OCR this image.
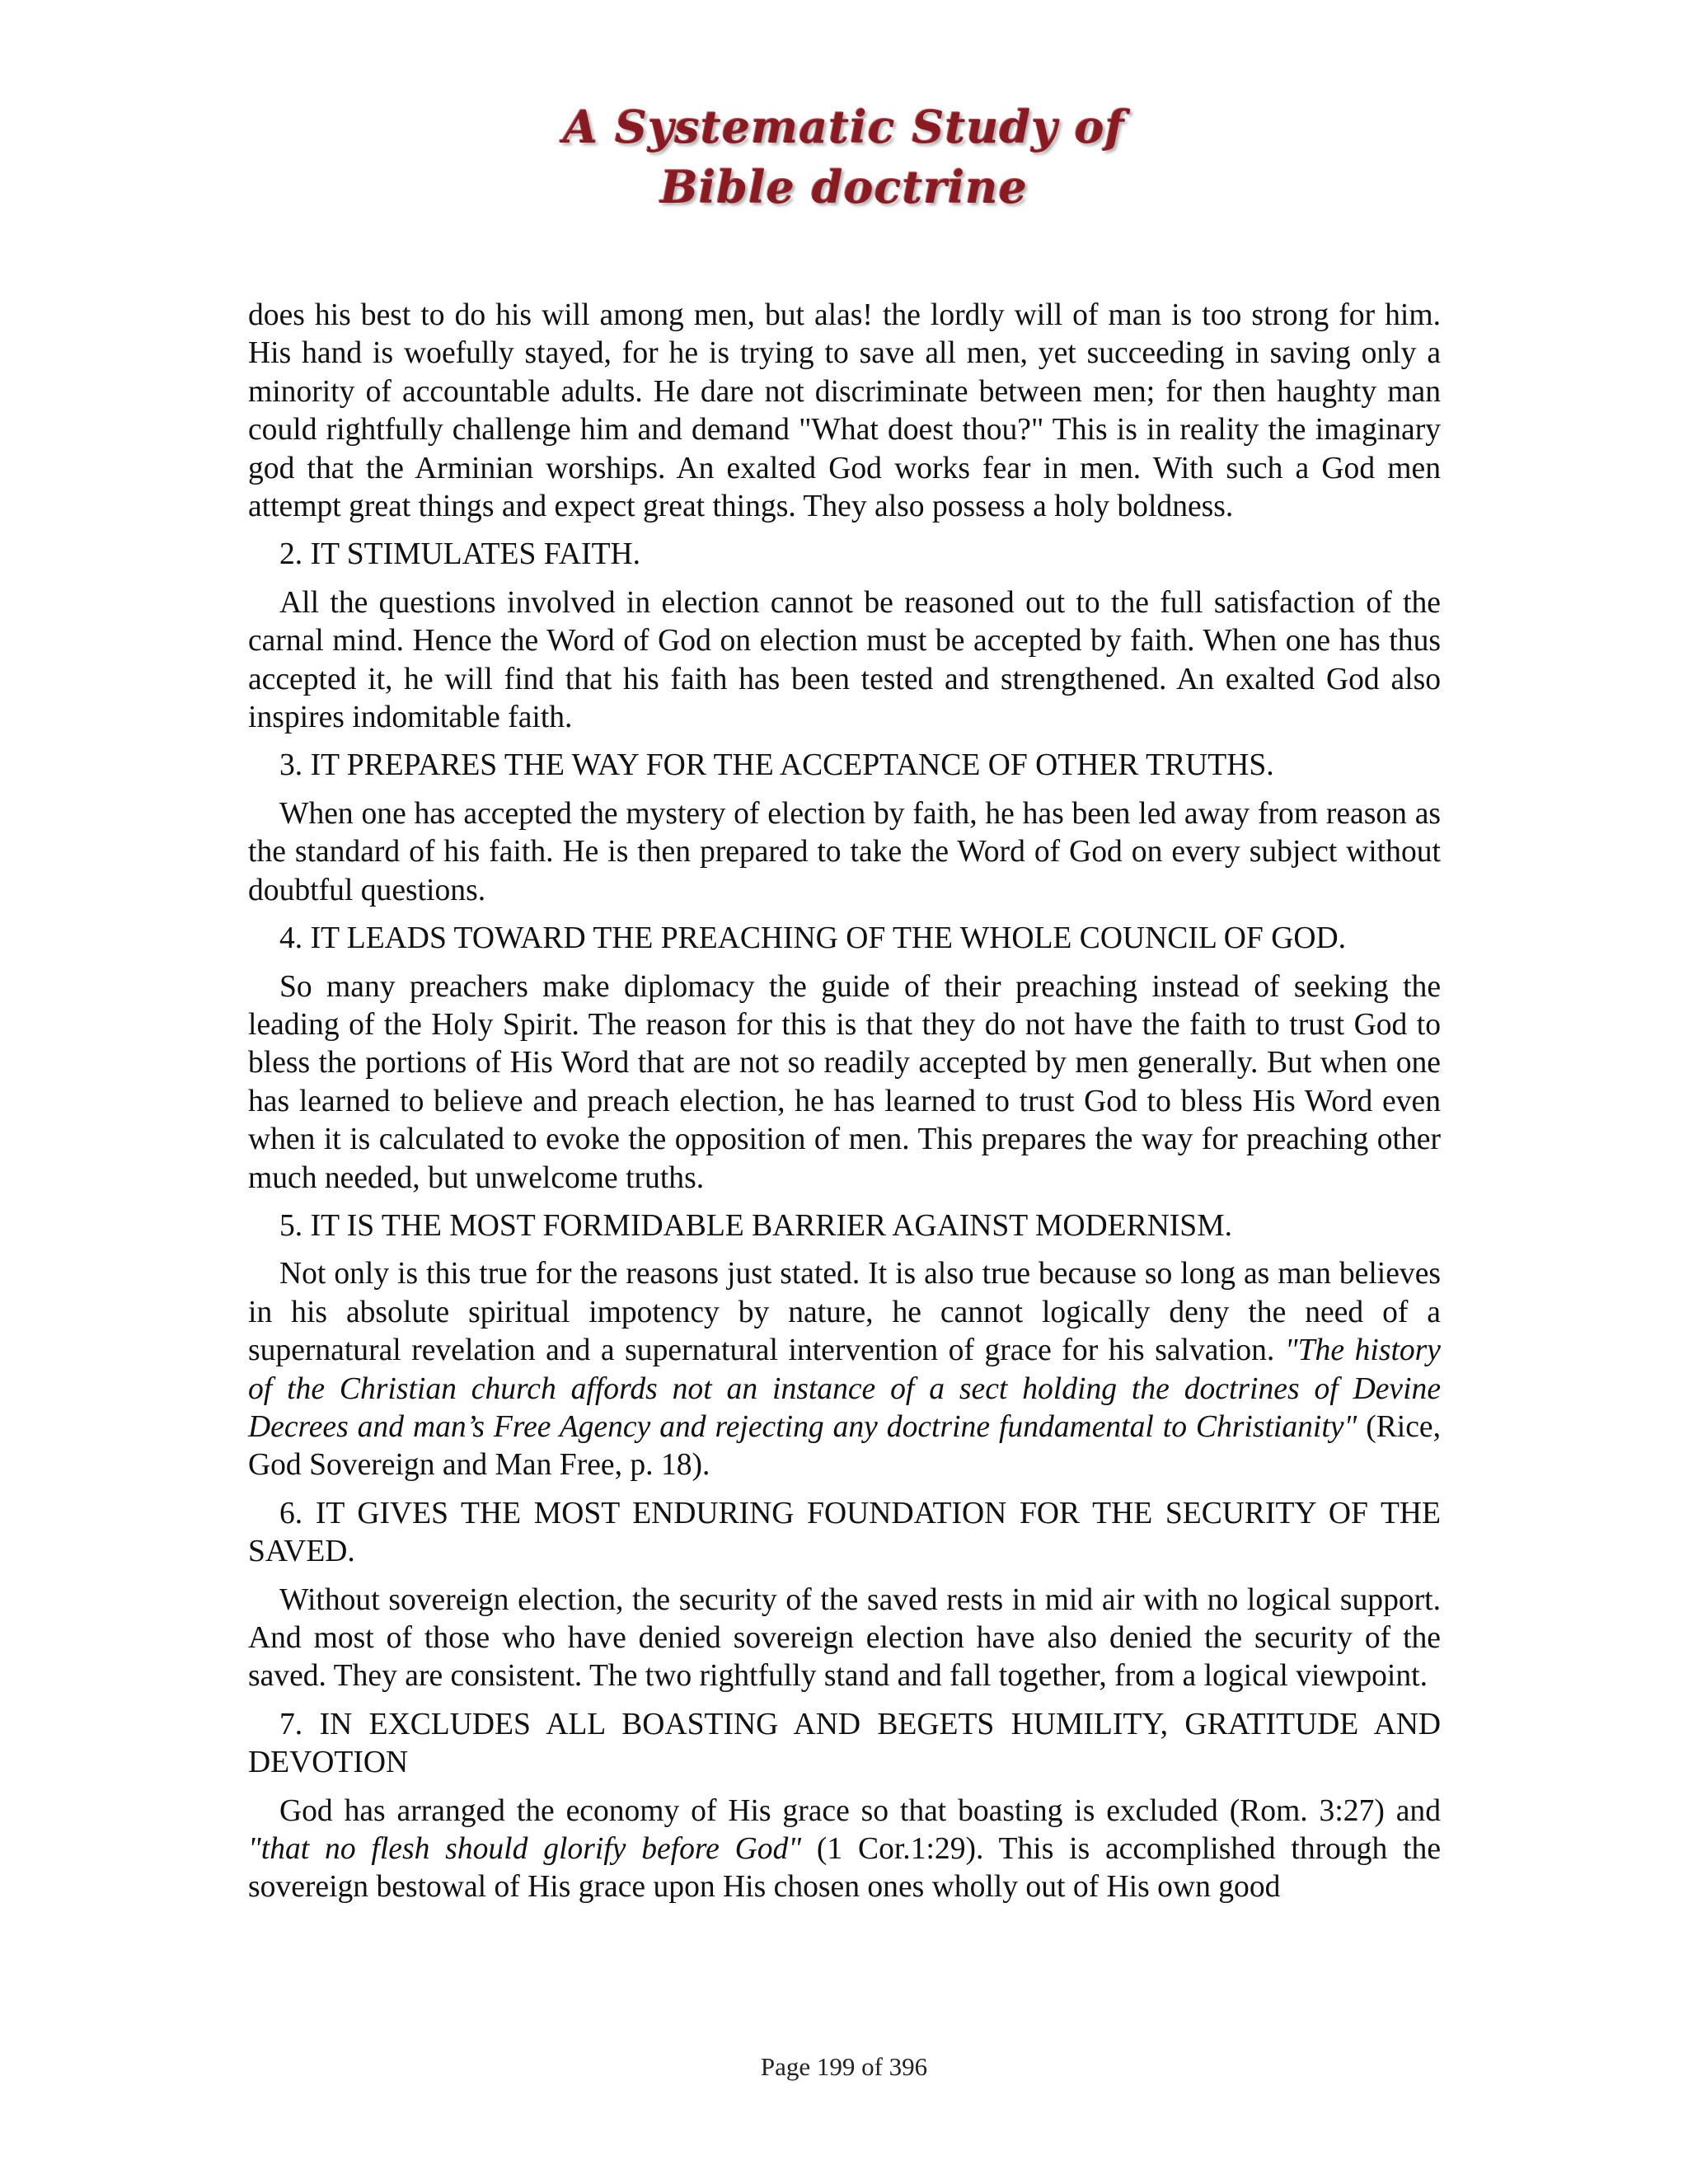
A Systematic Study of
Bible doctrine

does his best to do his will among men, but alas! the lordly will of man is too strong for him. His hand is woefully stayed, for he is trying to save all men, yet succeeding in saving only a minority of accountable adults. He dare not discriminate between men; for then haughty man could rightfully challenge him and demand "What doest thou?" This is in reality the imaginary god that the Arminian worships. An exalted God works fear in men. With such a God men attempt great things and expect great things. They also possess a holy boldness.

2. IT STIMULATES FAITH.

All the questions involved in election cannot be reasoned out to the full satisfaction of the carnal mind. Hence the Word of God on election must be accepted by faith. When one has thus accepted it, he will find that his faith has been tested and strengthened. An exalted God also inspires indomitable faith.

3. IT PREPARES THE WAY FOR THE ACCEPTANCE OF OTHER TRUTHS.

When one has accepted the mystery of election by faith, he has been led away from reason as the standard of his faith. He is then prepared to take the Word of God on every subject without doubtful questions.

4. IT LEADS TOWARD THE PREACHING OF THE WHOLE COUNCIL OF GOD.

So many preachers make diplomacy the guide of their preaching instead of seeking the leading of the Holy Spirit. The reason for this is that they do not have the faith to trust God to bless the portions of His Word that are not so readily accepted by men generally. But when one has learned to believe and preach election, he has learned to trust God to bless His Word even when it is calculated to evoke the opposition of men. This prepares the way for preaching other much needed, but unwelcome truths.

5. IT IS THE MOST FORMIDABLE BARRIER AGAINST MODERNISM.

Not only is this true for the reasons just stated. It is also true because so long as man believes in his absolute spiritual impotency by nature, he cannot logically deny the need of a supernatural revelation and a supernatural intervention of grace for his salvation. "The history of the Christian church affords not an instance of a sect holding the doctrines of Devine Decrees and man’s Free Agency and rejecting any doctrine fundamental to Christianity" (Rice, God Sovereign and Man Free, p. 18).

6. IT GIVES THE MOST ENDURING FOUNDATION FOR THE SECURITY OF THE SAVED.

Without sovereign election, the security of the saved rests in mid air with no logical support. And most of those who have denied sovereign election have also denied the security of the saved. They are consistent. The two rightfully stand and fall together, from a logical viewpoint.

7. IN EXCLUDES ALL BOASTING AND BEGETS HUMILITY, GRATITUDE AND DEVOTION

God has arranged the economy of His grace so that boasting is excluded (Rom. 3:27) and "that no flesh should glorify before God" (1 Cor.1:29). This is accomplished through the sovereign bestowal of His grace upon His chosen ones wholly out of His own good

Page 199 of 396
